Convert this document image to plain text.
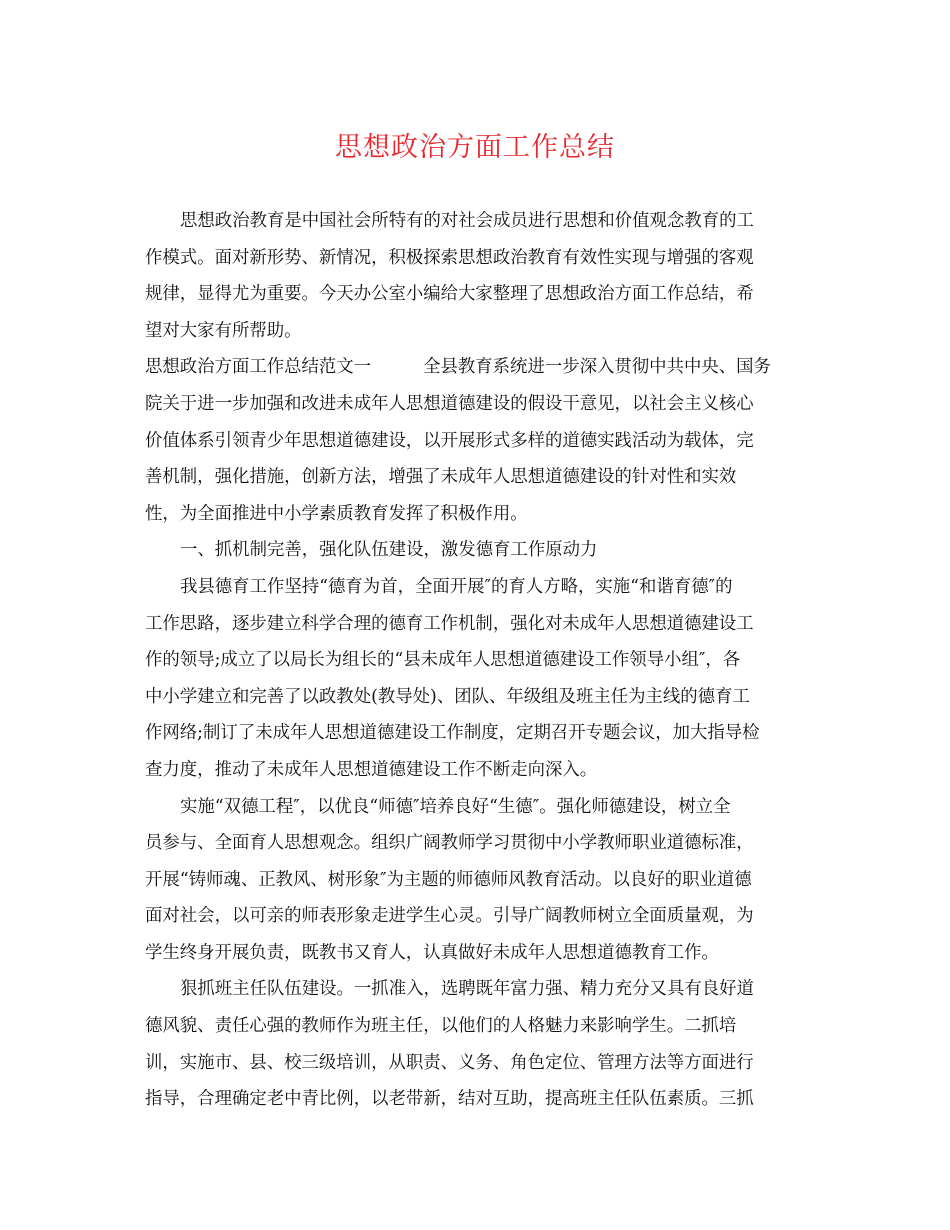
思想政治方面工作总结
思想政治教育是中国社会所特有的对社会成员进行思想和价值观念教育的工
作模式。面对新形势、新情况，积极探索思想政治教育有效性实现与增强的客观
规律，显得尤为重要。今天办公室小编给大家整理了思想政治方面工作总结，希
望对大家有所帮助。
思想政治方面工作总结范文一	全县教育系统进一步深入贯彻中共中央、国务
院关于进一步加强和改进未成年人思想道德建设的假设干意见，以社会主义核心
价值体系引领青少年思想道德建设，以开展形式多样的道德实践活动为载体，完
善机制，强化措施，创新方法，增强了未成年人思想道德建设的针对性和实效
性，为全面推进中小学素质教育发挥了积极作用。
一、抓机制完善，强化队伍建设，激发德育工作原动力
我县德育工作坚持“德育为首，全面开展″的育人方略，实施“和谐育德″的
工作思路，逐步建立科学合理的德育工作机制，强化对未成年人思想道德建设工
作的领导;成立了以局长为组长的“县未成年人思想道德建设工作领导小组″，各
中小学建立和完善了以政教处(教导处)、团队、年级组及班主任为主线的德育工
作网络;制订了未成年人思想道德建设工作制度，定期召开专题会议，加大指导检
查力度，推动了未成年人思想道德建设工作不断走向深入。
实施“双德工程″，以优良“师德″培养良好“生德″。强化师德建设，树立全
员参与、全面育人思想观念。组织广阔教师学习贯彻中小学教师职业道德标准，
开展“铸师魂、正教风、树形象″为主题的师德师风教育活动。以良好的职业道德
面对社会，以可亲的师表形象走进学生心灵。引导广阔教师树立全面质量观，为
学生终身开展负责，既教书又育人，认真做好未成年人思想道德教育工作。
狠抓班主任队伍建设。一抓准入，选聘既年富力强、精力充分又具有良好道
德风貌、责任心强的教师作为班主任，以他们的人格魅力来影响学生。二抓培
训，实施市、县、校三级培训，从职责、义务、角色定位、管理方法等方面进行
指导，合理确定老中青比例，以老带新，结对互助，提高班主任队伍素质。三抓
